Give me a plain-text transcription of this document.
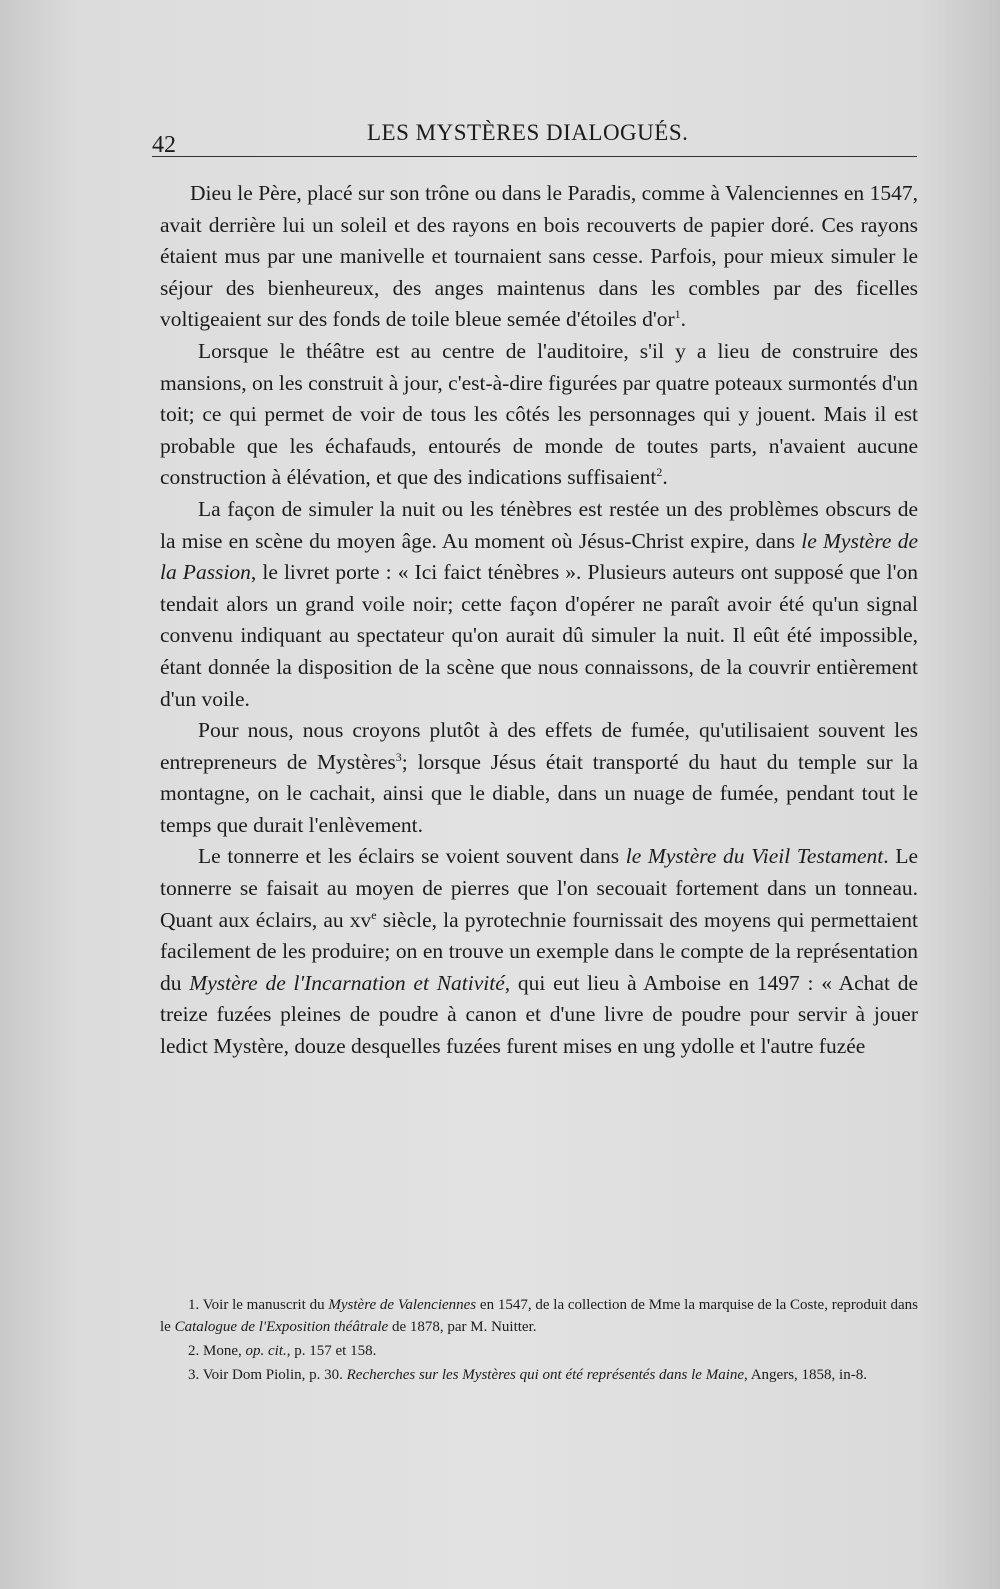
42	LES MYSTÈRES DIALOGUÉS.

Dieu le Père, placé sur son trône ou dans le Paradis, comme à Valenciennes en 1547, avait derrière lui un soleil et des rayons en bois recouverts de papier doré. Ces rayons étaient mus par une manivelle et tournaient sans cesse. Parfois, pour mieux simuler le séjour des bienheureux, des anges maintenus dans les combles par des ficelles voltigeaient sur des fonds de toile bleue semée d'étoiles $d'or^1$.

Lorsque le théâtre est au centre de l'auditoire, s'il y a lieu de construire des mansions, on les construit à jour, c'est-à-dire figurées par quatre poteaux surmontés d'un toit; ce qui permet de voir de tous les côtés les personnages qui y jouent. Mais il est probable que les échafauds, entourés de monde de toutes parts, n'avaient aucune construction à élévation, et que des indications suffisaient$^2$.

La façon de simuler la nuit ou les ténèbres est restée un des problèmes obscurs de la mise en scène du moyen âge. Au moment où Jésus-Christ expire, dans le Mystère de la Passion, le livret porte : « Ici faict ténèbres ». Plusieurs auteurs ont supposé que l'on tendait alors un grand voile noir; cette façon d'opérer ne paraît avoir été qu'un signal convenu indiquant au spectateur qu'on aurait dû simuler la nuit. Il eût été impossible, étant donnée la disposition de la scène que nous connaissons, de la couvrir entièrement d'un voile.

Pour nous, nous croyons plutôt à des effets de fumée, qu'utilisaient souvent les entrepreneurs de Mystères$^3$; lorsque Jésus était transporté du haut du temple sur la montagne, on le cachait, ainsi que le diable, dans un nuage de fumée, pendant tout le temps que durait l'enlèvement.

Le tonnerre et les éclairs se voient souvent dans le Mystère du Vieil Testament. Le tonnerre se faisait au moyen de pierres que l'on secouait fortement dans un tonneau. Quant aux éclairs, au $xv^e$ siècle, la pyrotechnie fournissait des moyens qui permettaient facilement de les produire; on en trouve un exemple dans le compte de la représentation du Mystère de l'Incarnation et Nativité, qui eut lieu à Amboise en 1497 : « Achat de treize fuzées pleines de poudre à canon et d'une livre de poudre pour servir à jouer ledict Mystère, douze desquelles fuzées furent mises en ung ydolle et l'autre fuzée

1. Voir le manuscrit du Mystère de Valenciennes en 1547, de la collection de Mme la marquise de la Coste, reproduit dans le Catalogue de l'Exposition théâtrale de 1878, par M. Nuitter.

2. Mone, op. cit., p. 157 et 158.

3. Voir Dom Piolin, p. 30. Recherches sur les Mystères qui ont été représentés dans le Maine, Angers, 1858, in-8.
